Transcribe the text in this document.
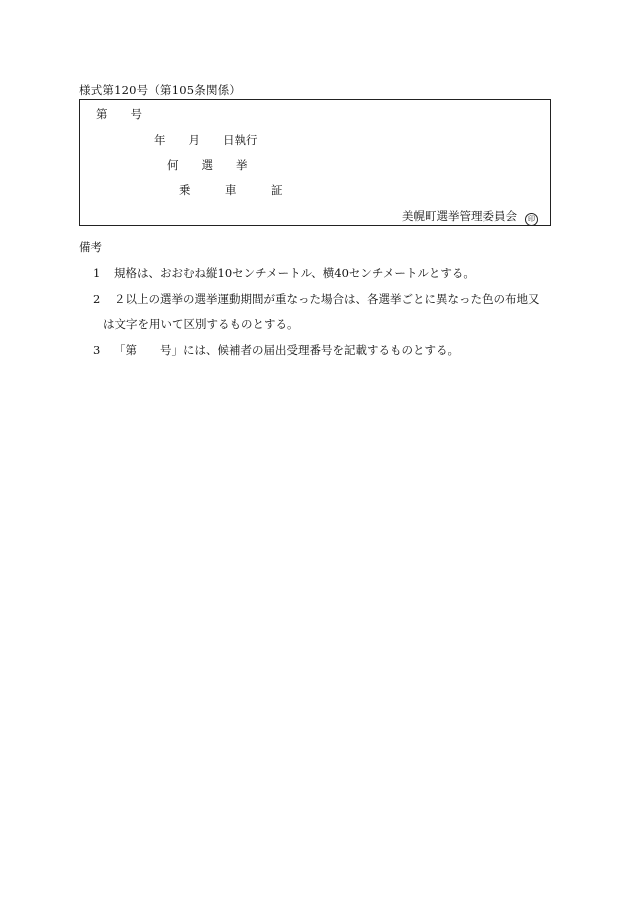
様式第120号（第105条関係）
第　　号
年　　月　　日執行
何　　選　　挙
乗　　　車　　　証
美幌町選挙管理委員会 印
備考
1 規格は、おおむね縦10センチメートル、横40センチメートルとする。
2 ２以上の選挙の選挙運動期間が重なった場合は、各選挙ごとに異なった色の布地又
は文字を用いて区別するものとする。
3 「第　　号」には、候補者の届出受理番号を記載するものとする。
